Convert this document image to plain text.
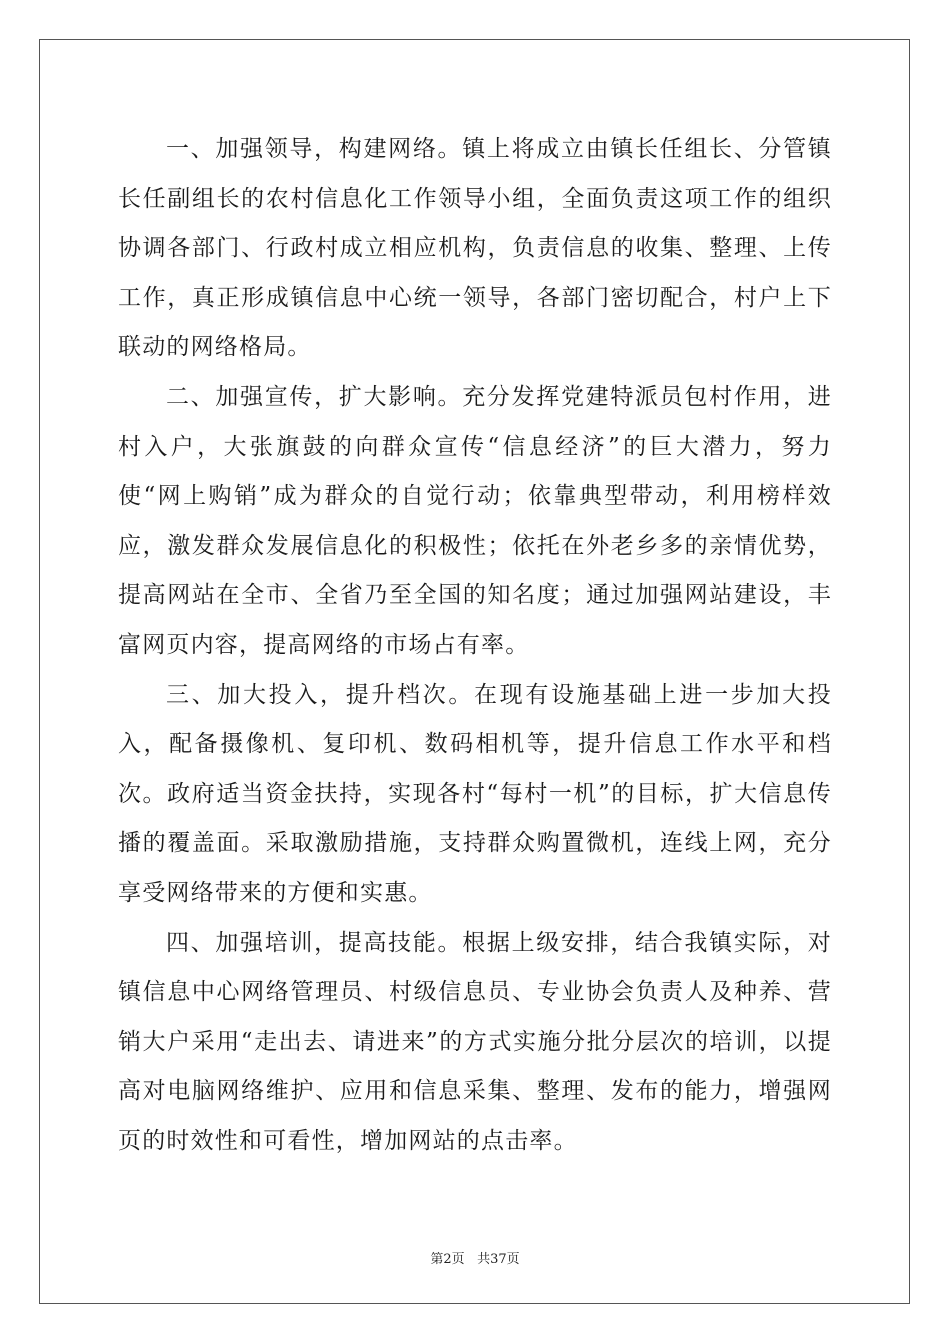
一、加强领导，构建网络。镇上将成立由镇长任组长、分管镇长任副组长的农村信息化工作领导小组，全面负责这项工作的组织协调各部门、行政村成立相应机构，负责信息的收集、整理、上传工作，真正形成镇信息中心统一领导，各部门密切配合，村户上下联动的网络格局。

二、加强宣传，扩大影响。充分发挥党建特派员包村作用，进村入户，大张旗鼓的向群众宣传“信息经济”的巨大潜力，努力使“网上购销”成为群众的自觉行动；依靠典型带动，利用榜样效应，激发群众发展信息化的积极性；依托在外老乡多的亲情优势，提高网站在全市、全省乃至全国的知名度；通过加强网站建设，丰富网页内容，提高网络的市场占有率。

三、加大投入，提升档次。在现有设施基础上进一步加大投入，配备摄像机、复印机、数码相机等，提升信息工作水平和档次。政府适当资金扶持，实现各村“每村一机”的目标，扩大信息传播的覆盖面。采取激励措施，支持群众购置微机，连线上网，充分享受网络带来的方便和实惠。

四、加强培训，提高技能。根据上级安排，结合我镇实际，对镇信息中心网络管理员、村级信息员、专业协会负责人及种养、营销大户采用“走出去、请进来”的方式实施分批分层次的培训，以提高对电脑网络维护、应用和信息采集、整理、发布的能力，增强网页的时效性和可看性，增加网站的点击率。

第2页 共37页
